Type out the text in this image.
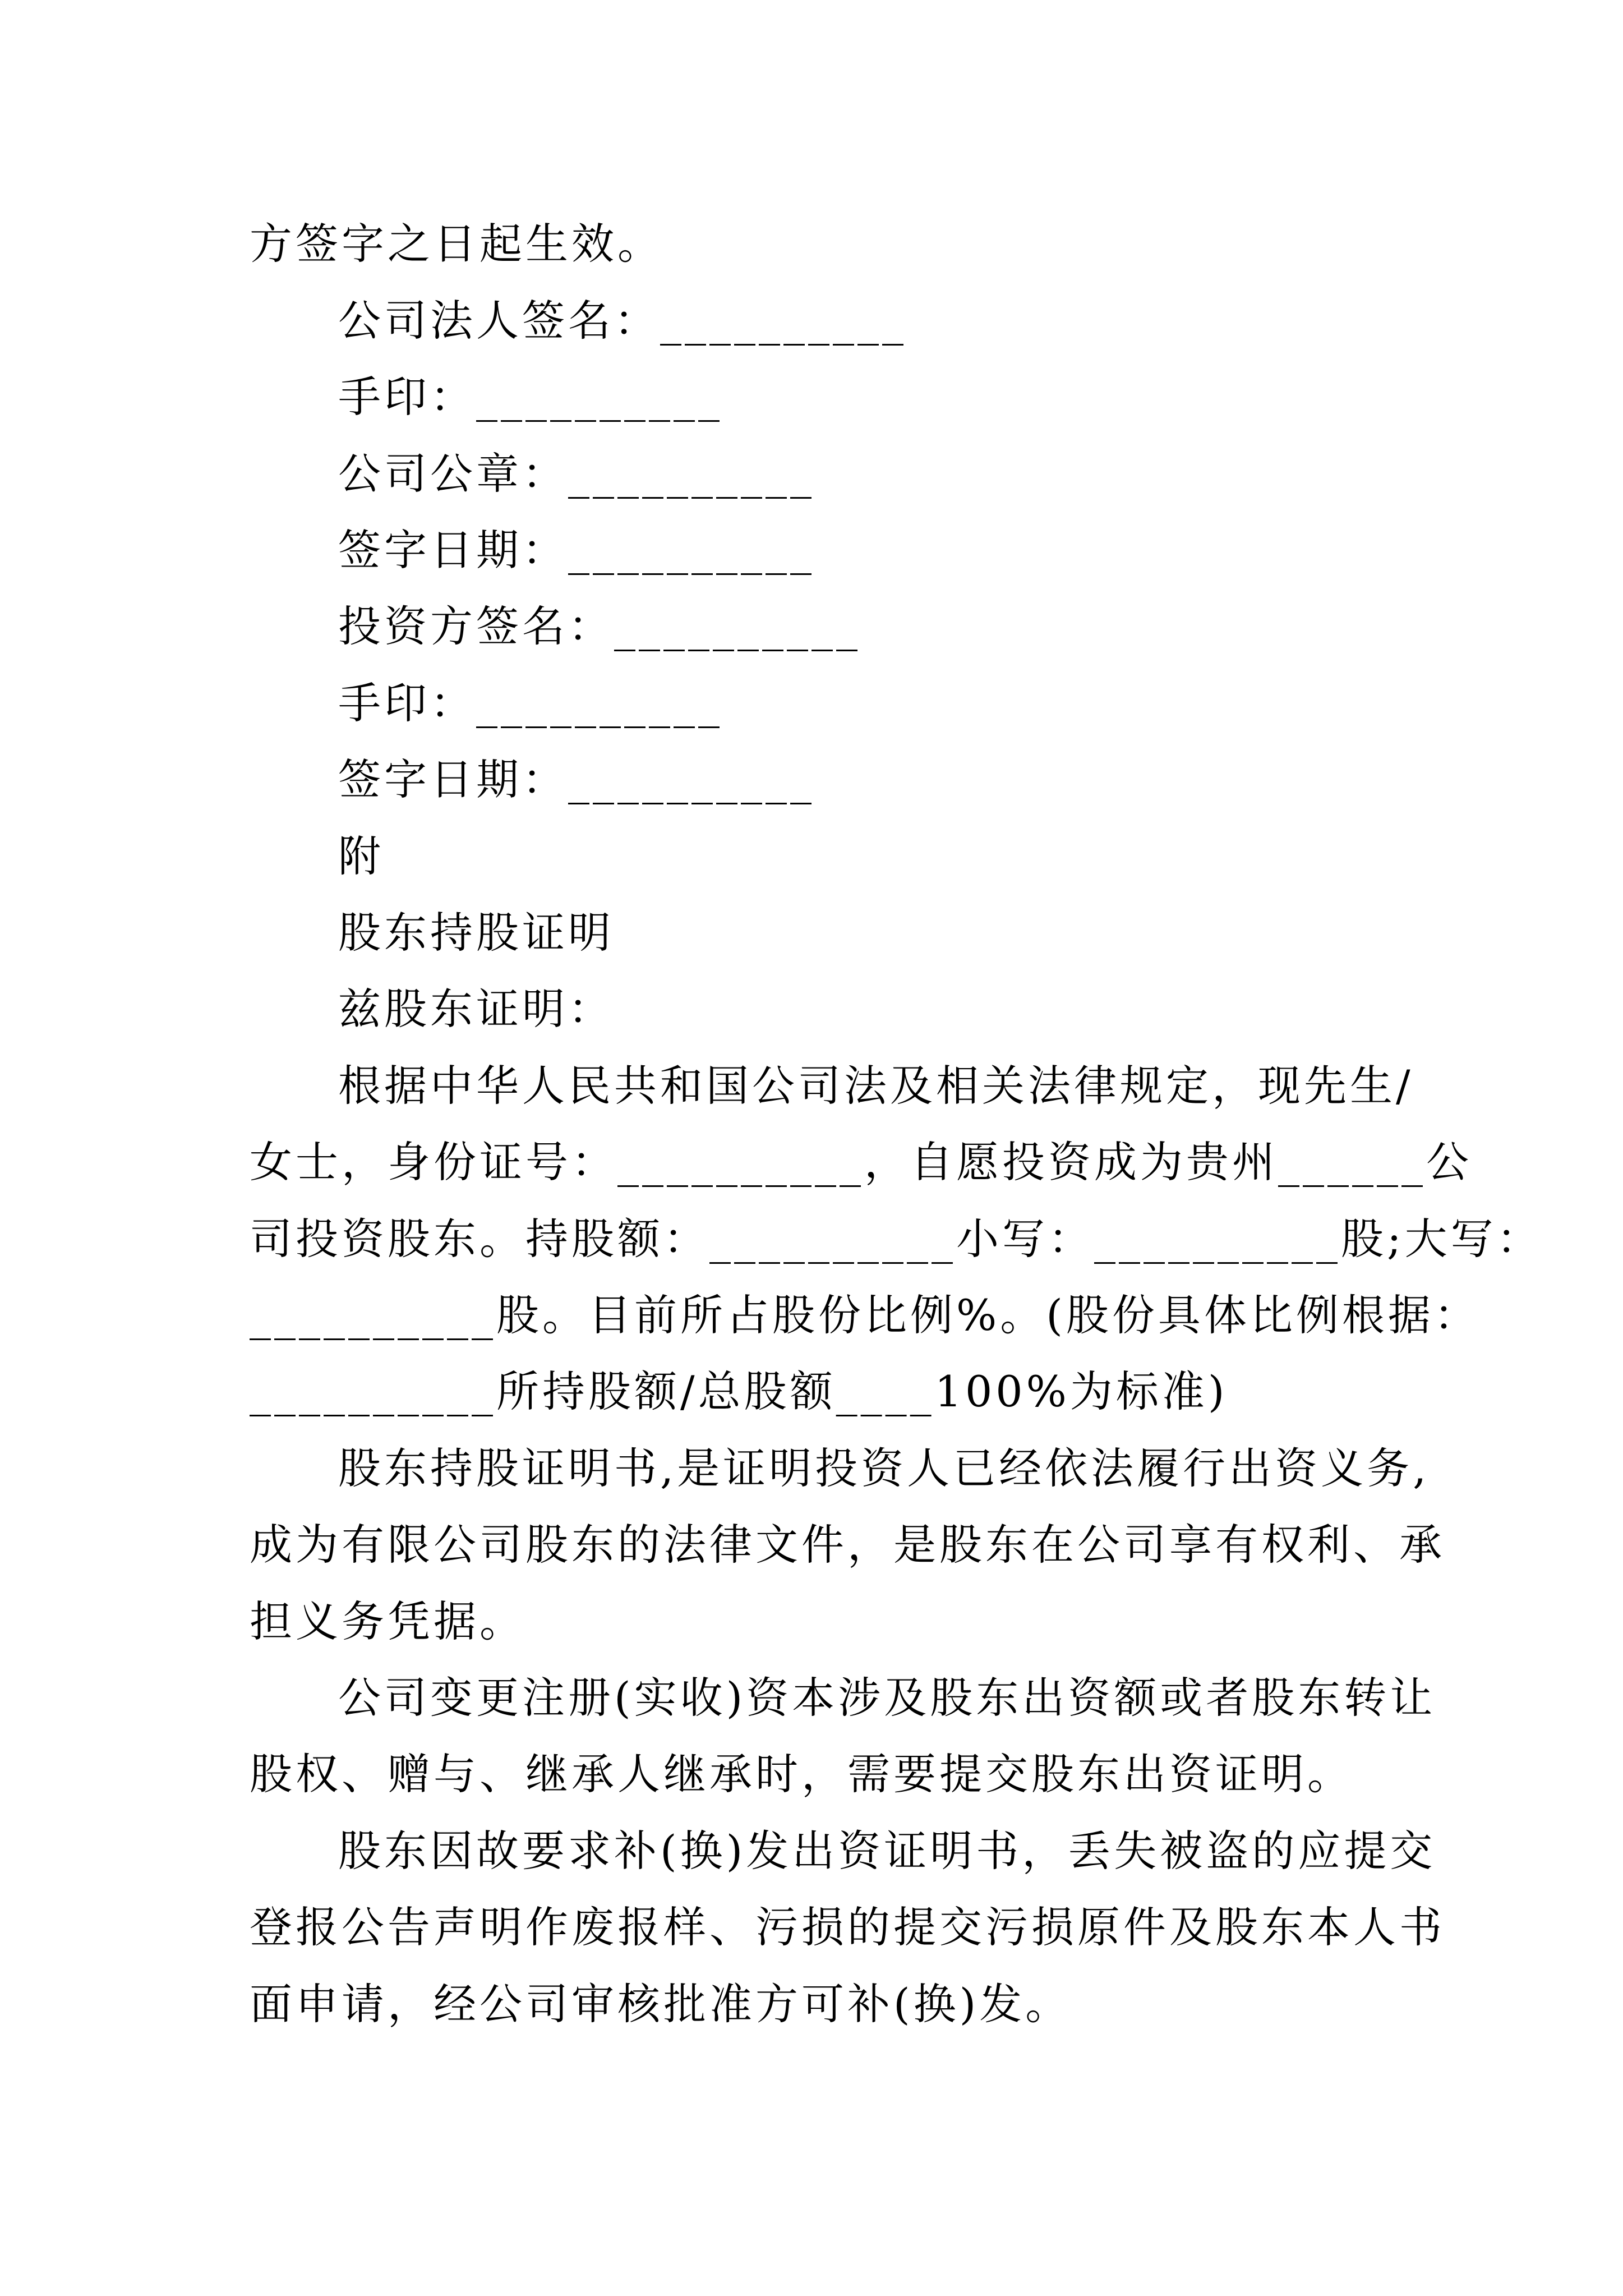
方签字之日起生效。
公司法人签名：__________
手印：__________
公司公章：__________
签字日期：__________
投资方签名：__________
手印：__________
签字日期：__________
附
股东持股证明
兹股东证明：
根据中华人民共和国公司法及相关法律规定，现先生/
女士，身份证号：__________，自愿投资成为贵州______公
司投资股东。持股额：__________小写：__________股;大写：
__________股。目前所占股份比例%。(股份具体比例根据：
__________所持股额/总股额____100%为标准)
股东持股证明书,是证明投资人已经依法履行出资义务,
成为有限公司股东的法律文件，是股东在公司享有权利、承
担义务凭据。
公司变更注册(实收)资本涉及股东出资额或者股东转让
股权、赠与、继承人继承时，需要提交股东出资证明。
股东因故要求补(换)发出资证明书，丢失被盗的应提交
登报公告声明作废报样、污损的提交污损原件及股东本人书
面申请，经公司审核批准方可补(换)发。
